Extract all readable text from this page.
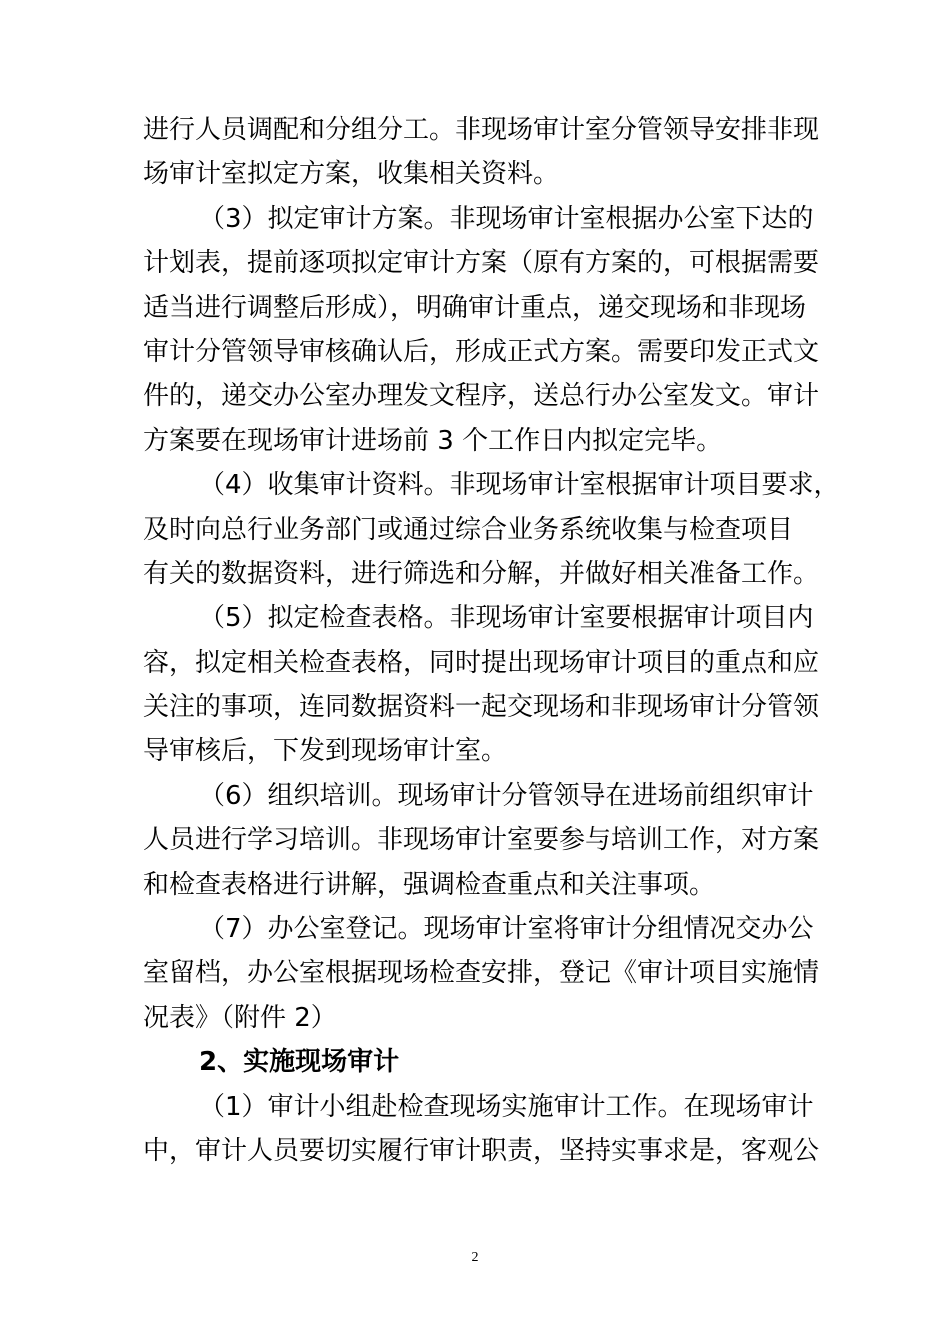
进行人员调配和分组分工。非现场审计室分管领导安排非现
场审计室拟定方案，收集相关资料。
（3）拟定审计方案。非现场审计室根据办公室下达的
计划表，提前逐项拟定审计方案（原有方案的，可根据需要
适当进行调整后形成），明确审计重点，递交现场和非现场
审计分管领导审核确认后，形成正式方案。需要印发正式文
件的，递交办公室办理发文程序，送总行办公室发文。审计
方案要在现场审计进场前 3 个工作日内拟定完毕。
（4）收集审计资料。非现场审计室根据审计项目要求，
及时向总行业务部门或通过综合业务系统收集与检查项目
有关的数据资料，进行筛选和分解，并做好相关准备工作。
（5）拟定检查表格。非现场审计室要根据审计项目内
容，拟定相关检查表格，同时提出现场审计项目的重点和应
关注的事项，连同数据资料一起交现场和非现场审计分管领
导审核后，下发到现场审计室。
（6）组织培训。现场审计分管领导在进场前组织审计
人员进行学习培训。非现场审计室要参与培训工作，对方案
和检查表格进行讲解，强调检查重点和关注事项。
（7）办公室登记。现场审计室将审计分组情况交办公
室留档，办公室根据现场检查安排，登记《审计项目实施情
况表》（附件 2）
2、实施现场审计
（1）审计小组赴检查现场实施审计工作。在现场审计
中，审计人员要切实履行审计职责，坚持实事求是，客观公
2
